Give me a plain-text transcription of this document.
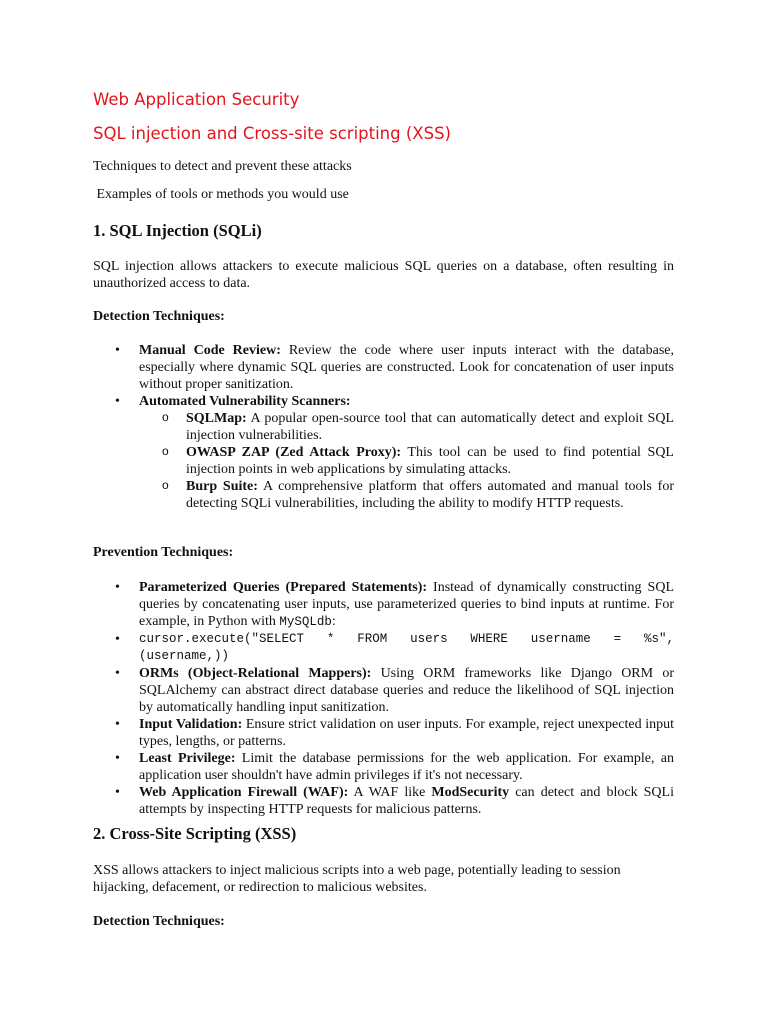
Web Application Security
SQL injection and Cross-site scripting (XSS)
Techniques to detect and prevent these attacks
Examples of tools or methods you would use
1. SQL Injection (SQLi)
SQL injection allows attackers to execute malicious SQL queries on a database, often resulting in unauthorized access to data.
Detection Techniques:
• Manual Code Review: Review the code where user inputs interact with the database, especially where dynamic SQL queries are constructed. Look for concatenation of user inputs without proper sanitization.
• Automated Vulnerability Scanners:
o SQLMap: A popular open-source tool that can automatically detect and exploit SQL injection vulnerabilities.
o OWASP ZAP (Zed Attack Proxy): This tool can be used to find potential SQL injection points in web applications by simulating attacks.
o Burp Suite: A comprehensive platform that offers automated and manual tools for detecting SQLi vulnerabilities, including the ability to modify HTTP requests.
Prevention Techniques:
• Parameterized Queries (Prepared Statements): Instead of dynamically constructing SQL queries by concatenating user inputs, use parameterized queries to bind inputs at runtime. For example, in Python with MySQLdb:
• cursor.execute("SELECT * FROM users WHERE username = %s", (username,))
• ORMs (Object-Relational Mappers): Using ORM frameworks like Django ORM or SQLAlchemy can abstract direct database queries and reduce the likelihood of SQL injection by automatically handling input sanitization.
• Input Validation: Ensure strict validation on user inputs. For example, reject unexpected input types, lengths, or patterns.
• Least Privilege: Limit the database permissions for the web application. For example, an application user shouldn't have admin privileges if it's not necessary.
• Web Application Firewall (WAF): A WAF like ModSecurity can detect and block SQLi attempts by inspecting HTTP requests for malicious patterns.
2. Cross-Site Scripting (XSS)
XSS allows attackers to inject malicious scripts into a web page, potentially leading to session hijacking, defacement, or redirection to malicious websites.
Detection Techniques:
